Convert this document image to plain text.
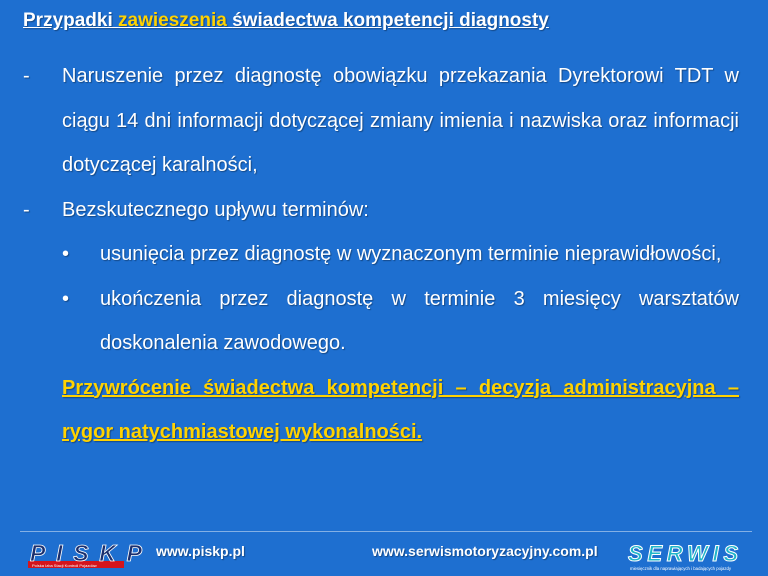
Przypadki zawieszenia świadectwa kompetencji diagnosty
- Naruszenie przez diagnostę obowiązku przekazania Dyrektorowi TDT w ciągu 14 dni informacji dotyczącej zmiany imienia i nazwiska oraz informacji dotyczącej karalności,
- Bezskutecznego upływu terminów:
• usunięcia przez diagnostę w wyznaczonym terminie nieprawidłowości,
• ukończenia przez diagnostę w terminie 3 miesięcy warsztatów doskonalenia zawodowego.
Przywrócenie świadectwa kompetencji – decyzja administracyjna – rygor natychmiastowej wykonalności.
PISKP
Polska Izba Stacji Kontroli Pojazdów
www.piskp.pl	www.serwismotoryzacyjny.com.pl SERWIS
miesięcznik dla naprawiających i badających pojazdy
